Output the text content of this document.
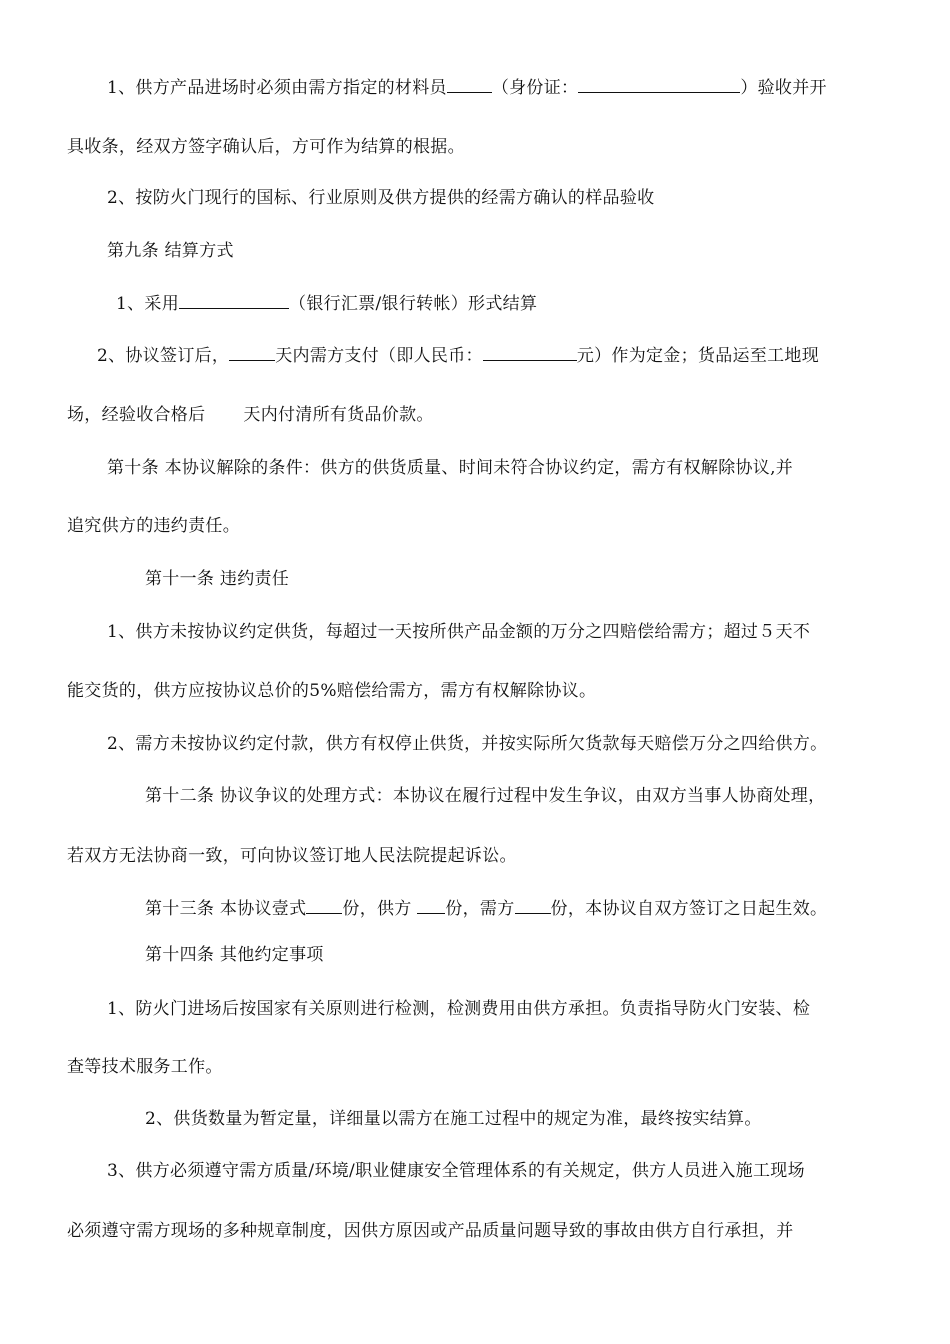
1、供方产品进场时必须由需方指定的材料员	（身份证：	）验收并开
具收条，经双方签字确认后，方可作为结算的根据。
2、按防火门现行的国标、行业原则及供方提供的经需方确认的样品验收
第九条 结算方式
1、采用	（银行汇票/银行转帐）形式结算
2、协议签订后，	天内需方支付（即人民币：	元）作为定金；货品运至工地现
场，经验收合格后 天内付清所有货品价款。
第十条 本协议解除的条件：供方的供货质量、时间未符合协议约定，需方有权解除协议,并
追究供方的违约责任。
第十一条 违约责任
1、供方未按协议约定供货，每超过一天按所供产品金额的万分之四赔偿给需方；超过５天不
能交货的，供方应按协议总价的5%赔偿给需方，需方有权解除协议。
2、需方未按协议约定付款，供方有权停止供货，并按实际所欠货款每天赔偿万分之四给供方。
第十二条 协议争议的处理方式：本协议在履行过程中发生争议，由双方当事人协商处理，
若双方无法协商一致，可向协议签订地人民法院提起诉讼。
第十三条 本协议壹式 份，供方 份，需方 份，本协议自双方签订之日起生效。
第十四条 其他约定事项
1、防火门进场后按国家有关原则进行检测，检测费用由供方承担。负责指导防火门安装、检
查等技术服务工作。
2、供货数量为暂定量，详细量以需方在施工过程中的规定为准，最终按实结算。
3、供方必须遵守需方质量/环境/职业健康安全管理体系的有关规定，供方人员进入施工现场
必须遵守需方现场的多种规章制度，因供方原因或产品质量问题导致的事故由供方自行承担，并
